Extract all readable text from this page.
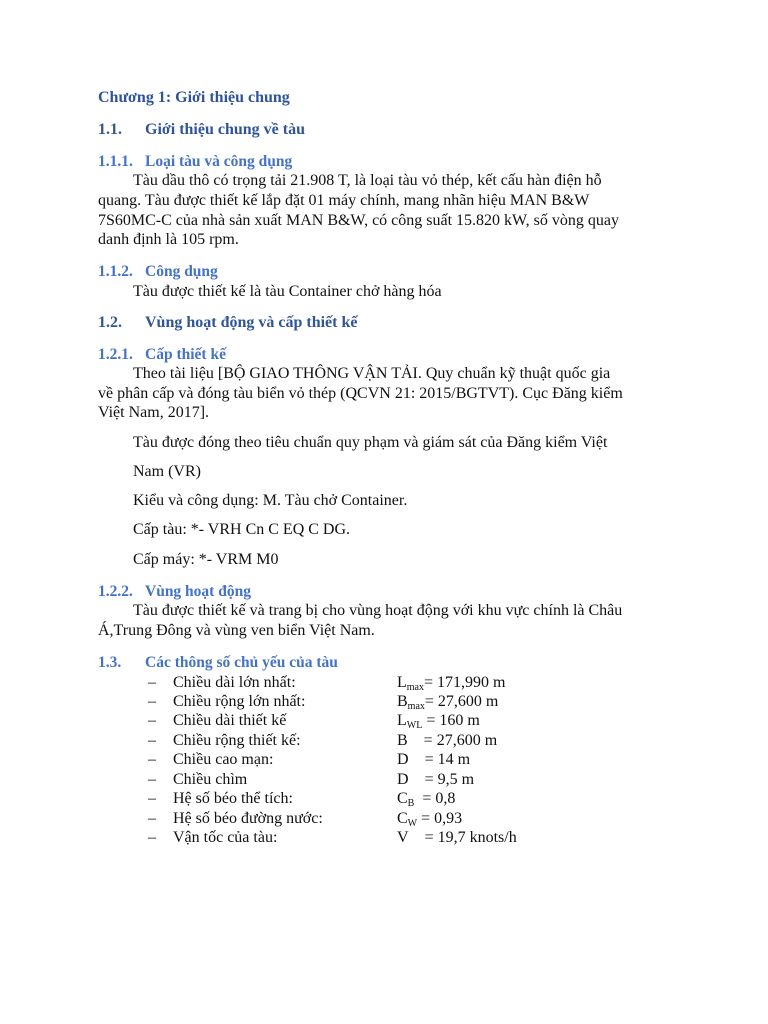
Chương 1: Giới thiệu chung
1.1. Giới thiệu chung về tàu
1.1.1. Loại tàu và công dụng
Tàu dầu thô có trọng tải 21.908 T, là loại tàu vỏ thép, kết cấu hàn điện hỗ
quang. Tàu được thiết kế lắp đặt 01 máy chính, mang nhãn hiệu MAN B&W
7S60MC-C của nhà sản xuất MAN B&W, có công suất 15.820 kW, số vòng quay
danh định là 105 rpm.
1.1.2. Công dụng
Tàu được thiết kế là tàu Container chở hàng hóa
1.2. Vùng hoạt động và cấp thiết kế
1.2.1. Cấp thiết kế
Theo tài liệu [BỘ GIAO THÔNG VẬN TẢI. Quy chuẩn kỹ thuật quốc gia
về phân cấp và đóng tàu biển vỏ thép (QCVN 21: 2015/BGTVT). Cục Đăng kiểm
Việt Nam, 2017].
Tàu được đóng theo tiêu chuẩn quy phạm và giám sát của Đăng kiểm Việt
Nam (VR)
Kiểu và công dụng: M. Tàu chở Container.
Cấp tàu: *- VRH Cn C EQ C DG.
Cấp máy: *- VRM M0
1.2.2. Vùng hoạt động
Tàu được thiết kế và trang bị cho vùng hoạt động với khu vực chính là Châu
Á,Trung Đông và vùng ven biển Việt Nam.
1.3. Các thông số chủ yếu của tàu
– Chiều dài lớn nhất:	$L_{max}= 171,990$ m
– Chiều rộng lớn nhất:	$B_{max}= 27,600$ m
– Chiều dài thiết kế	$L_{WL} = 160$ m
– Chiều rộng thiết kế:	B    = 27,600 m
– Chiều cao mạn:	D    = 14 m
– Chiều chìm	D    = 9,5 m
– Hệ số béo thể tích:	$C_B = 0,8$
– Hệ số béo đường nước:	$C_W = 0,93$
– Vận tốc của tàu:	V    = 19,7 knots/h
